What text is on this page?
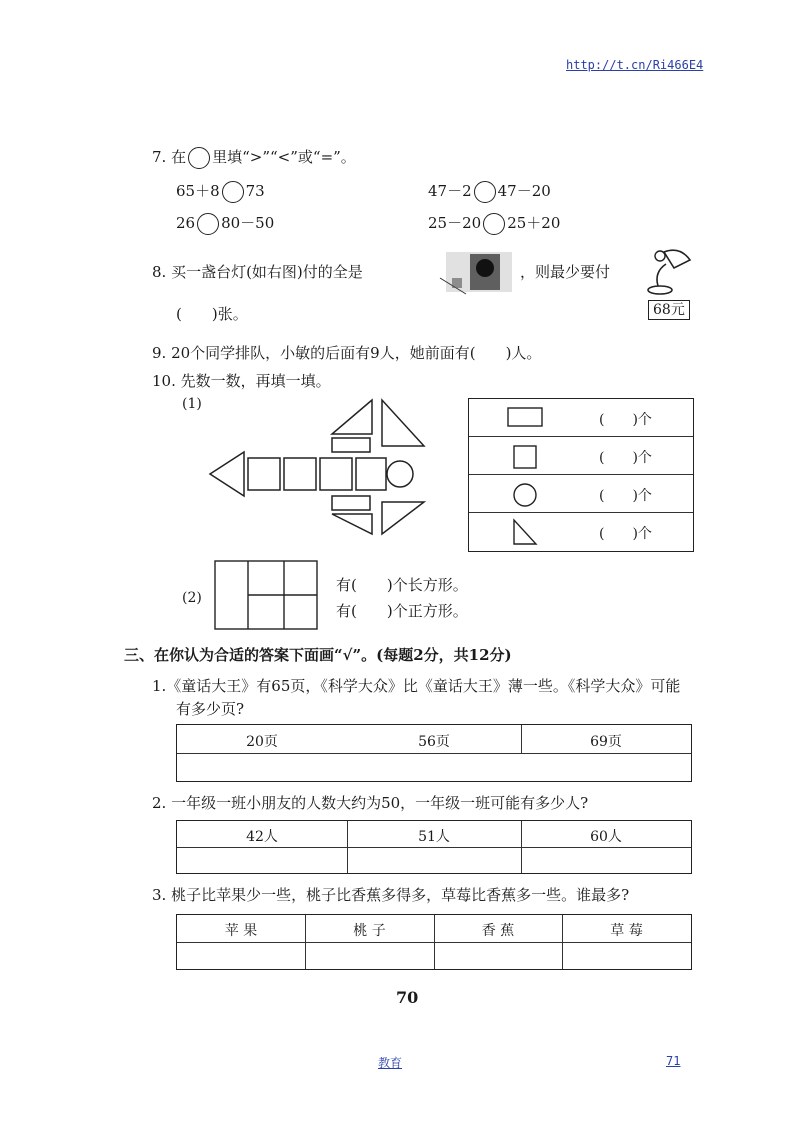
http://t.cn/Ri466E4
7. 在 里填“>”“<”或“=”。
65＋8 73	47－2 47－20
26 80－50	25－20 25＋20
8. 买一盏台灯(如右图)付的全是	，则最少要付
68元
(　　)张。
9. 20个同学排队，小敏的后面有9人，她前面有(　　)人。
10. 先数一数，再填一填。
(1)
(　　)个
(　　)个
(　　)个
(　　)个
(2)
有(　　)个长方形。
有(　　)个正方形。
三、在你认为合适的答案下面画“√”。(每题2分，共12分)
1.《童话大王》有65页，《科学大众》比《童话大王》薄一些。《科学大众》可能
有多少页?
20页	56页	69页
2. 一年级一班小朋友的人数大约为50，一年级一班可能有多少人?
42人	51人	60人
3. 桃子比苹果少一些，桃子比香蕉多得多，草莓比香蕉多一些。谁最多?
苹 果	桃 子	香 蕉	草 莓
70
教育	71
